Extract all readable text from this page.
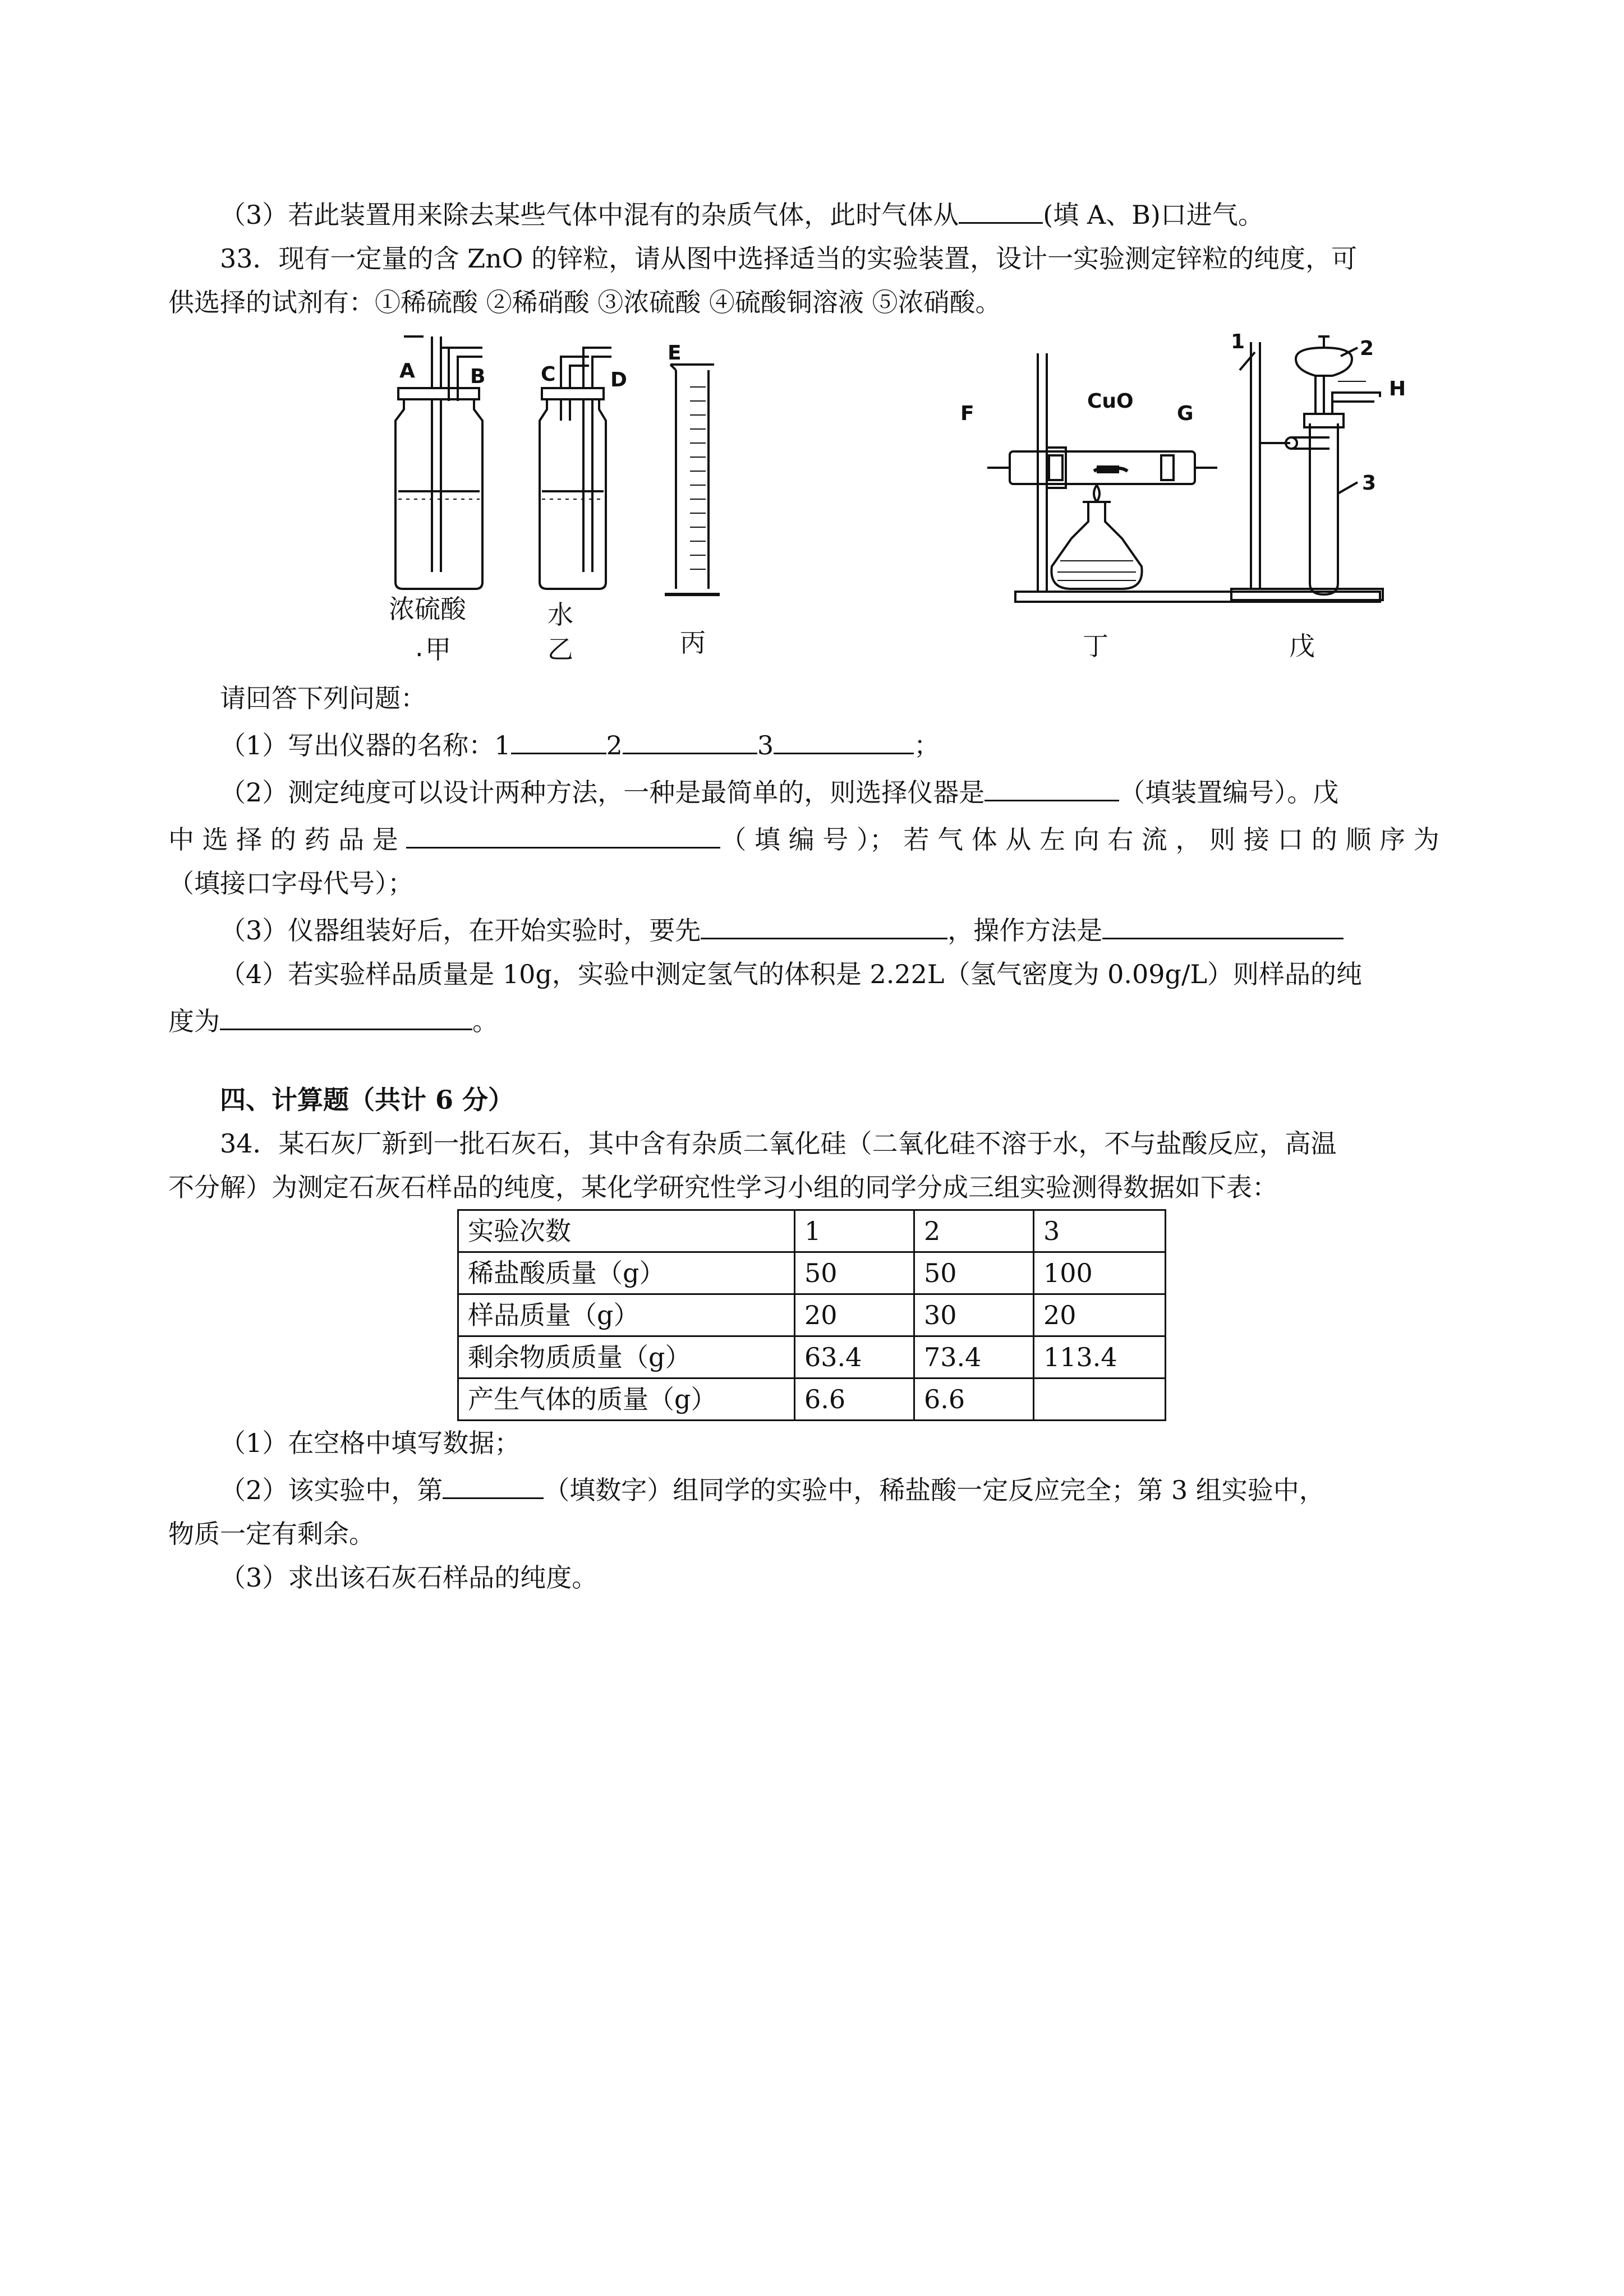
（3）若此装置用来除去某些气体中混有的杂质气体，此时气体从	(填 A、B)口进气。

33．现有一定量的含 ZnO 的锌粒，请从图中选择适当的实验装置，设计一实验测定锌粒的纯度，可

供选择的试剂有：①稀硫酸 ②稀硝酸 ③浓硫酸 ④硫酸铜溶液 ⑤浓硝酸。

A	B	C	D
E
F
CuO
G
1	2
H
3
浓硫酸
. 甲
水
乙	丙	丁	戊

请回答下列问题：

（1）写出仪器的名称：1	2	3	；

（2）测定纯度可以设计两种方法，一种是最简单的，则选择仪器是	（填装置编号）。戊

中 选 择 的 药 品 是	（ 填 编 号 ）； 若 气 体 从 左 向 右 流 ， 则 接 口 的 顺 序 为

（填接口字母代号）；

（3）仪器组装好后，在开始实验时，要先	，操作方法是

（4）若实验样品质量是 10g，实验中测定氢气的体积是 2.22L（氢气密度为 0.09g/L）则样品的纯

度为	。

四、计算题（共计 6 分）

34．某石灰厂新到一批石灰石，其中含有杂质二氧化硅（二氧化硅不溶于水，不与盐酸反应，高温

不分解）为测定石灰石样品的纯度，某化学研究性学习小组的同学分成三组实验测得数据如下表：

实验次数	1	2	3
稀盐酸质量（g）	50	50	100
样品质量（g）	20	30	20
剩余物质质量（g）	63.4	73.4	113.4
产生气体的质量（g）	6.6	6.6	

（1）在空格中填写数据；

（2）该实验中，第	（填数字）组同学的实验中，稀盐酸一定反应完全；第 3 组实验中，

物质一定有剩余。

（3）求出该石灰石样品的纯度。
